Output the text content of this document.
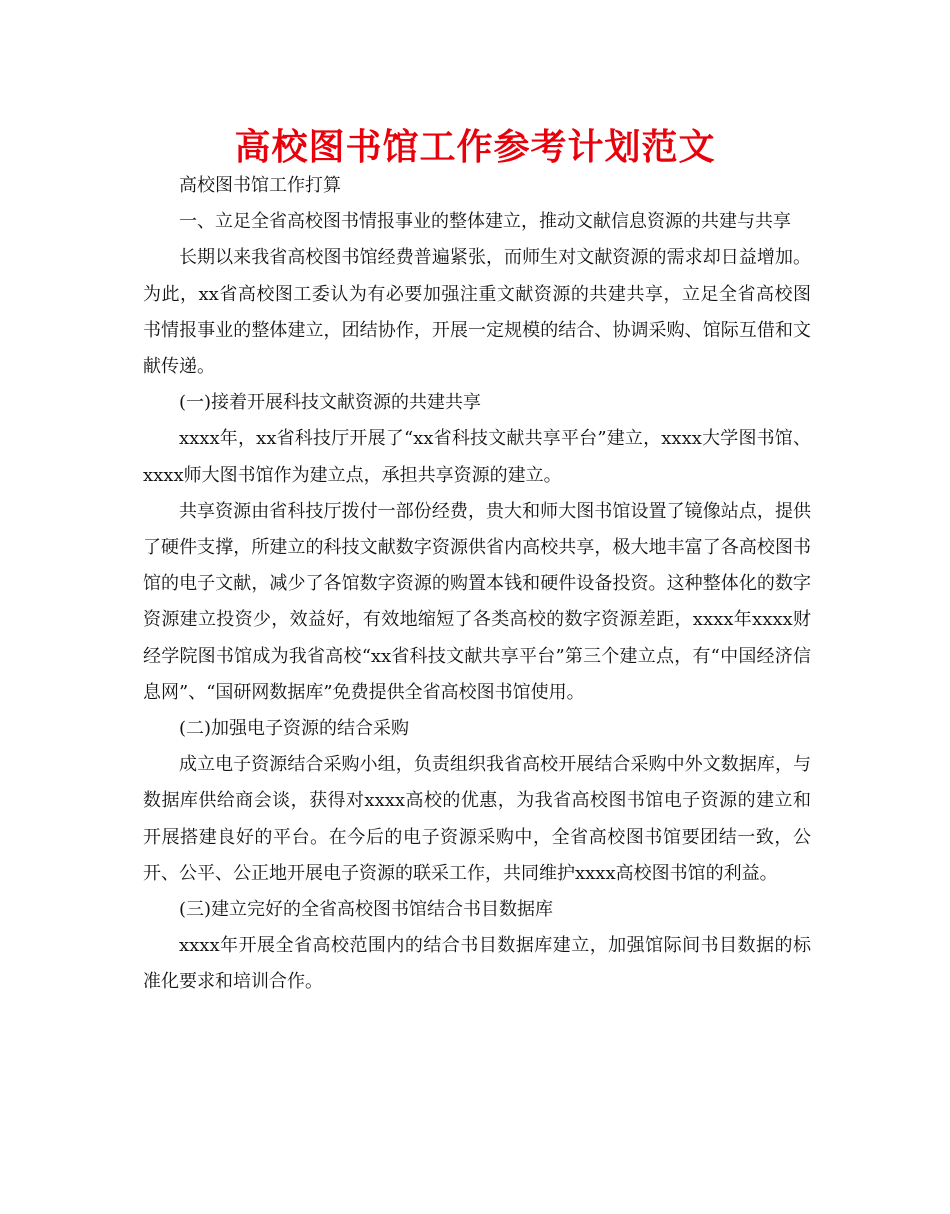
高校图书馆工作参考计划范文

高校图书馆工作打算

一、立足全省高校图书情报事业的整体建立，推动文献信息资源的共建与共享

长期以来我省高校图书馆经费普遍紧张，而师生对文献资源的需求却日益增加。为此，xx省高校图工委认为有必要加强注重文献资源的共建共享，立足全省高校图书情报事业的整体建立，团结协作，开展一定规模的结合、协调采购、馆际互借和文献传递。

(一)接着开展科技文献资源的共建共享

xxxx年，xx省科技厅开展了“xx省科技文献共享平台”建立，xxxx大学图书馆、xxxx师大图书馆作为建立点，承担共享资源的建立。

共享资源由省科技厅拨付一部份经费，贵大和师大图书馆设置了镜像站点，提供了硬件支撑，所建立的科技文献数字资源供省内高校共享，极大地丰富了各高校图书馆的电子文献，减少了各馆数字资源的购置本钱和硬件设备投资。这种整体化的数字资源建立投资少，效益好，有效地缩短了各类高校的数字资源差距，xxxx年xxxx财经学院图书馆成为我省高校“xx省科技文献共享平台”第三个建立点，有“中国经济信息网”、“国研网数据库”免费提供全省高校图书馆使用。

(二)加强电子资源的结合采购

成立电子资源结合采购小组，负责组织我省高校开展结合采购中外文数据库，与数据库供给商会谈，获得对xxxx高校的优惠，为我省高校图书馆电子资源的建立和开展搭建良好的平台。在今后的电子资源采购中，全省高校图书馆要团结一致，公开、公平、公正地开展电子资源的联采工作，共同维护xxxx高校图书馆的利益。

(三)建立完好的全省高校图书馆结合书目数据库

xxxx年开展全省高校范围内的结合书目数据库建立，加强馆际间书目数据的标准化要求和培训合作。
